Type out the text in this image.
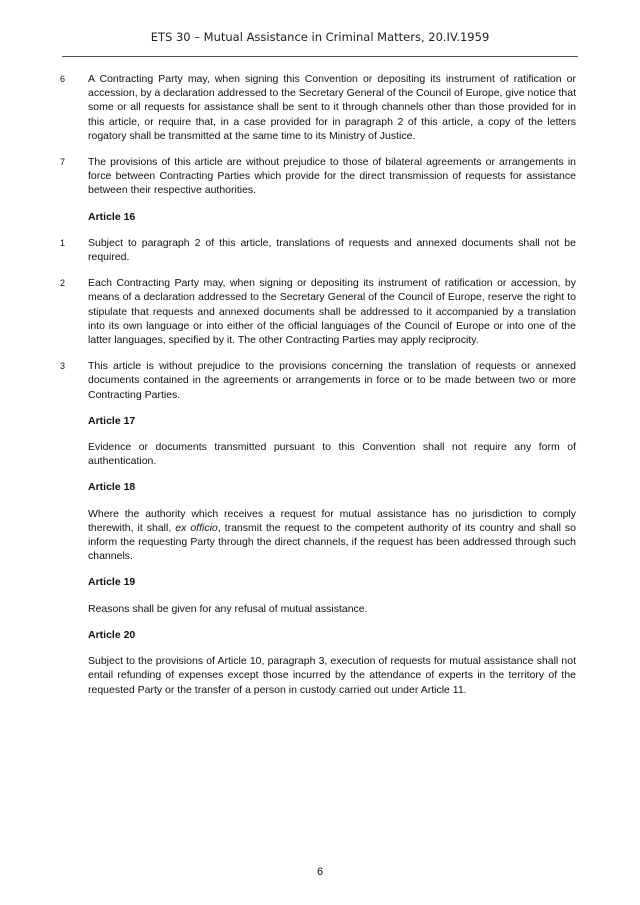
ETS 30 – Mutual Assistance in Criminal Matters, 20.IV.1959
6 A Contracting Party may, when signing this Convention or depositing its instrument of ratification or accession, by a declaration addressed to the Secretary General of the Council of Europe, give notice that some or all requests for assistance shall be sent to it through channels other than those provided for in this article, or require that, in a case provided for in paragraph 2 of this article, a copy of the letters rogatory shall be transmitted at the same time to its Ministry of Justice.
7 The provisions of this article are without prejudice to those of bilateral agreements or arrangements in force between Contracting Parties which provide for the direct transmission of requests for assistance between their respective authorities.
Article 16
1 Subject to paragraph 2 of this article, translations of requests and annexed documents shall not be required.
2 Each Contracting Party may, when signing or depositing its instrument of ratification or accession, by means of a declaration addressed to the Secretary General of the Council of Europe, reserve the right to stipulate that requests and annexed documents shall be addressed to it accompanied by a translation into its own language or into either of the official languages of the Council of Europe or into one of the latter languages, specified by it. The other Contracting Parties may apply reciprocity.
3 This article is without prejudice to the provisions concerning the translation of requests or annexed documents contained in the agreements or arrangements in force or to be made between two or more Contracting Parties.
Article 17
Evidence or documents transmitted pursuant to this Convention shall not require any form of authentication.
Article 18
Where the authority which receives a request for mutual assistance has no jurisdiction to comply therewith, it shall, ex officio, transmit the request to the competent authority of its country and shall so inform the requesting Party through the direct channels, if the request has been addressed through such channels.
Article 19
Reasons shall be given for any refusal of mutual assistance.
Article 20
Subject to the provisions of Article 10, paragraph 3, execution of requests for mutual assistance shall not entail refunding of expenses except those incurred by the attendance of experts in the territory of the requested Party or the transfer of a person in custody carried out under Article 11.
6
